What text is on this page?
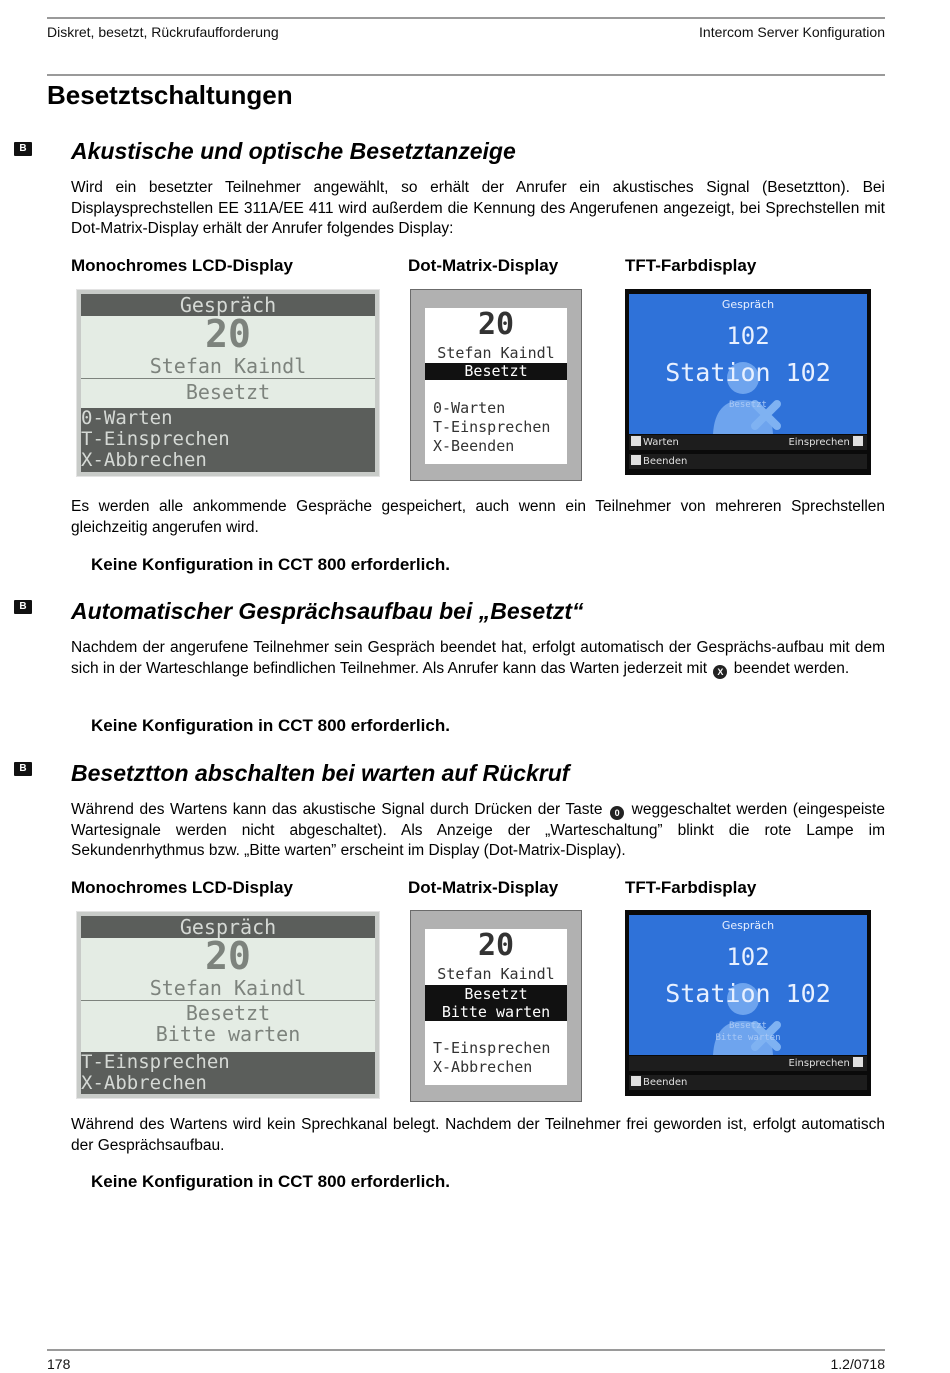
Diskret, besetzt, Rückrufaufforderung	Intercom Server Konfiguration
Besetztschaltungen
B Akustische und optische Besetztanzeige
Wird ein besetzter Teilnehmer angewählt, so erhält der Anrufer ein akustisches Signal (Besetztton). Bei Displaysprechstellen EE 311A/EE 411 wird außerdem die Kennung des Angerufenen angezeigt, bei Sprechstellen mit Dot-Matrix-Display erhält der Anrufer folgendes Display:
Monochromes LCD-Display	Dot-Matrix-Display	TFT-Farbdisplay
Gespräch
20
Stefan Kaindl
Besetzt
0-Warten
T-Einsprechen
X-Abbrechen
20
Stefan Kaindl
Besetzt
0-Warten
T-Einsprechen
X-Beenden
Gespräch
102
Station 102
Besetzt
Warten	Einsprechen
Beenden
Es werden alle ankommende Gespräche gespeichert, auch wenn ein Teilnehmer von mehreren Sprechstellen gleichzeitig angerufen wird.
Keine Konfiguration in CCT 800 erforderlich.
B Automatischer Gesprächsaufbau bei „Besetzt“
Nachdem der angerufene Teilnehmer sein Gespräch beendet hat, erfolgt automatisch der Gesprächs-aufbau mit dem sich in der Warteschlange befindlichen Teilnehmer. Als Anrufer kann das Warten jederzeit mit X beendet werden.
Keine Konfiguration in CCT 800 erforderlich.
B Besetztton abschalten bei warten auf Rückruf
Während des Wartens kann das akustische Signal durch Drücken der Taste 0 weggeschaltet werden (eingespeiste Wartesignale werden nicht abgeschaltet). Als Anzeige der „Warteschaltung” blinkt die rote Lampe im Sekundenrhythmus bzw. „Bitte warten” erscheint im Display (Dot-Matrix-Display).
Monochromes LCD-Display	Dot-Matrix-Display	TFT-Farbdisplay
Gespräch
20
Stefan Kaindl
Besetzt
Bitte warten
T-Einsprechen
X-Abbrechen
20
Stefan Kaindl
Besetzt
Bitte warten
T-Einsprechen
X-Abbrechen
Gespräch
102
Station 102
Besetzt
Bitte warten
Einsprechen
Beenden
Während des Wartens wird kein Sprechkanal belegt. Nachdem der Teilnehmer frei geworden ist, erfolgt automatisch der Gesprächsaufbau.
Keine Konfiguration in CCT 800 erforderlich.
178	1.2/0718
